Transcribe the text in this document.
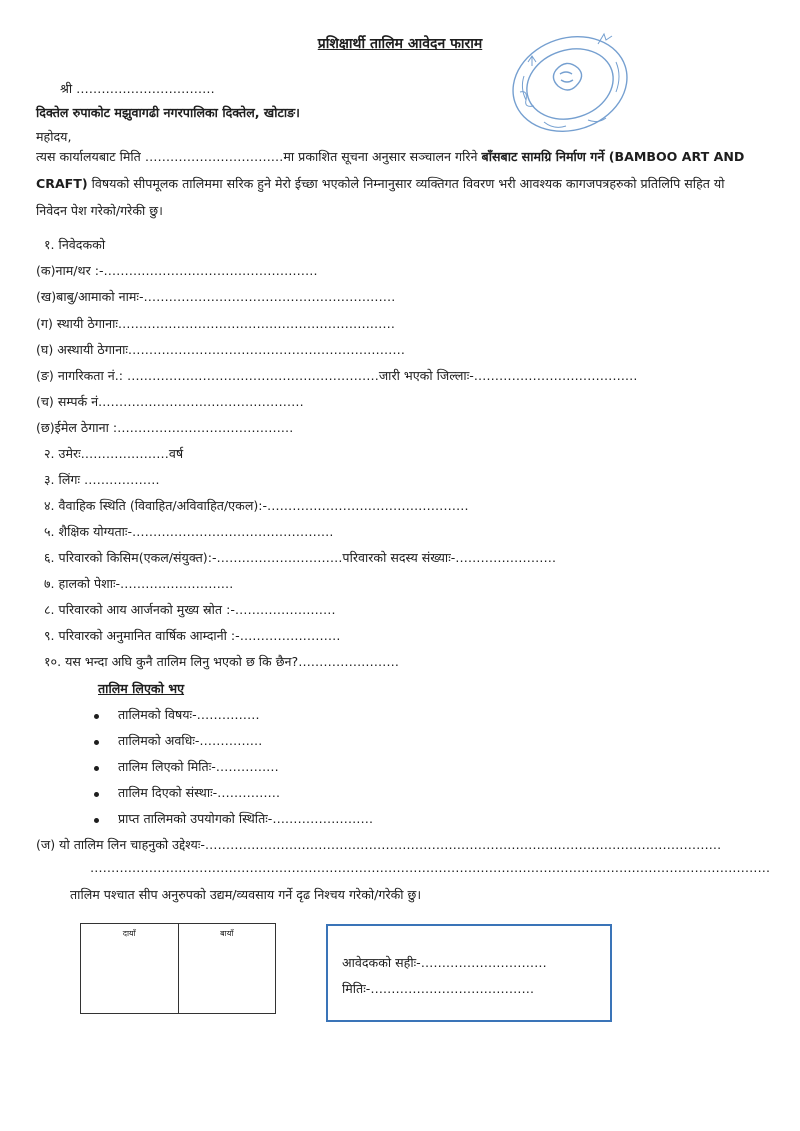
प्रशिक्षार्थी तालिम आवेदन फाराम
श्री ……………………………
दिक्तेल रुपाकोट मझुवागढी नगरपालिका दिक्तेल, खोटाङ।
महोदय,
त्यस कार्यालयबाट मिति ……………………………मा प्रकाशित सूचना अनुसार सञ्चालन गरिने बाँसबाट सामग्रि निर्माण गर्ने (BAMBOO ART AND CRAFT) विषयको सीपमूलक तालिममा सरिक हुने मेरो ईच्छा भएकोले निम्नानुसार व्यक्तिगत विवरण भरी आवश्यक कागजपत्रहरुको प्रतिलिपि सहित यो निवेदन पेश गरेको/गरेकी छु।
१. निवेदकको
(क)नाम/थर :-……………………………………………
(ख)बाबु/आमाको नामः-……………………………………………………
(ग) स्थायी ठेगानाः…………………………………………………………
(घ) अस्थायी ठेगानाः…………………………………………………………
(ङ) नागरिकता नं.: ……………………………………………………जारी भएको जिल्लाः-…………………………………
(च) सम्पर्क नं.…………………………………………
(छ)ईमेल ठेगाना :……………………………………
२. उमेरः…………………वर्ष
३. लिंगः ………………
४. वैवाहिक स्थिति (विवाहित/अविवाहित/एकल):-…………………………………………
५. शैक्षिक योग्यताः-…………………………………………
६. परिवारको किसिम(एकल/संयुक्त):-…………………………परिवारको सदस्य संख्याः-……………………
७. हालको पेशाः-………………………
८. परिवारको आय आर्जनको मुख्य स्रोत :-……………………
९. परिवारको अनुमानित वार्षिक आम्दानी :-……………………
१०. यस भन्दा अघि कुनै तालिम लिनु भएको छ कि छैन?……………………
तालिम लिएको भए
तालिमको विषयः-……………
तालिमको अवधिः-……………
तालिम लिएको मितिः-……………
तालिम दिएको संस्थाः-……………
प्राप्त तालिमको उपयोगको स्थितिः-……………………
(ज) यो तालिम लिन चाहनुको उद्देश्यः-……………………………………………………………………………………………………………
………………………………………………………………………………………………………………………………………………
तालिम पश्चात सीप अनुरुपको उद्यम/व्यवसाय गर्ने दृढ निश्चय गरेको/गरेकी छु।
दायाँ	बायाँ
आवेदकको सहीः-…………………………
मितिः-…………………………………
